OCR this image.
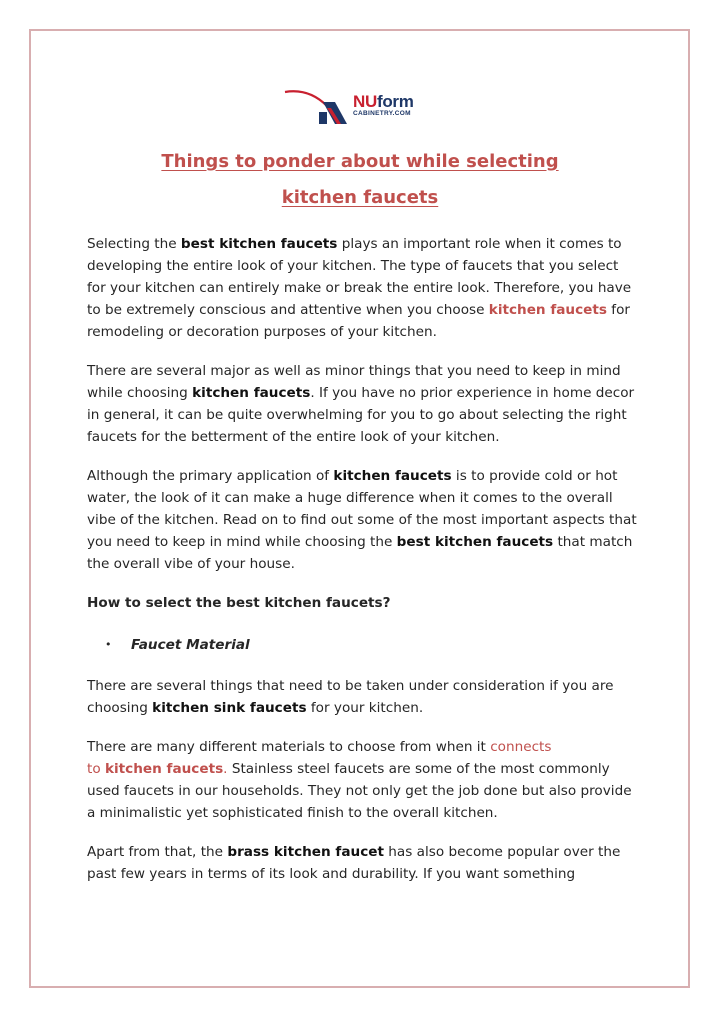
NUform
CABINETRY.COM
Things to ponder about while selecting
kitchen faucets

Selecting the best kitchen faucets plays an important role when it comes to developing the entire look of your kitchen. The type of faucets that you select for your kitchen can entirely make or break the entire look. Therefore, you have to be extremely conscious and attentive when you choose kitchen faucets for remodeling or decoration purposes of your kitchen.

There are several major as well as minor things that you need to keep in mind while choosing kitchen faucets. If you have no prior experience in home decor in general, it can be quite overwhelming for you to go about selecting the right faucets for the betterment of the entire look of your kitchen.

Although the primary application of kitchen faucets is to provide cold or hot water, the look of it can make a huge difference when it comes to the overall vibe of the kitchen. Read on to find out some of the most important aspects that you need to keep in mind while choosing the best kitchen faucets that match the overall vibe of your house.

How to select the best kitchen faucets?
• Faucet Material

There are several things that need to be taken under consideration if you are choosing kitchen sink faucets for your kitchen.

There are many different materials to choose from when it connects
to kitchen faucets. Stainless steel faucets are some of the most commonly used faucets in our households. They not only get the job done but also provide a minimalistic yet sophisticated finish to the overall kitchen.

Apart from that, the brass kitchen faucet has also become popular over the past few years in terms of its look and durability. If you want something
